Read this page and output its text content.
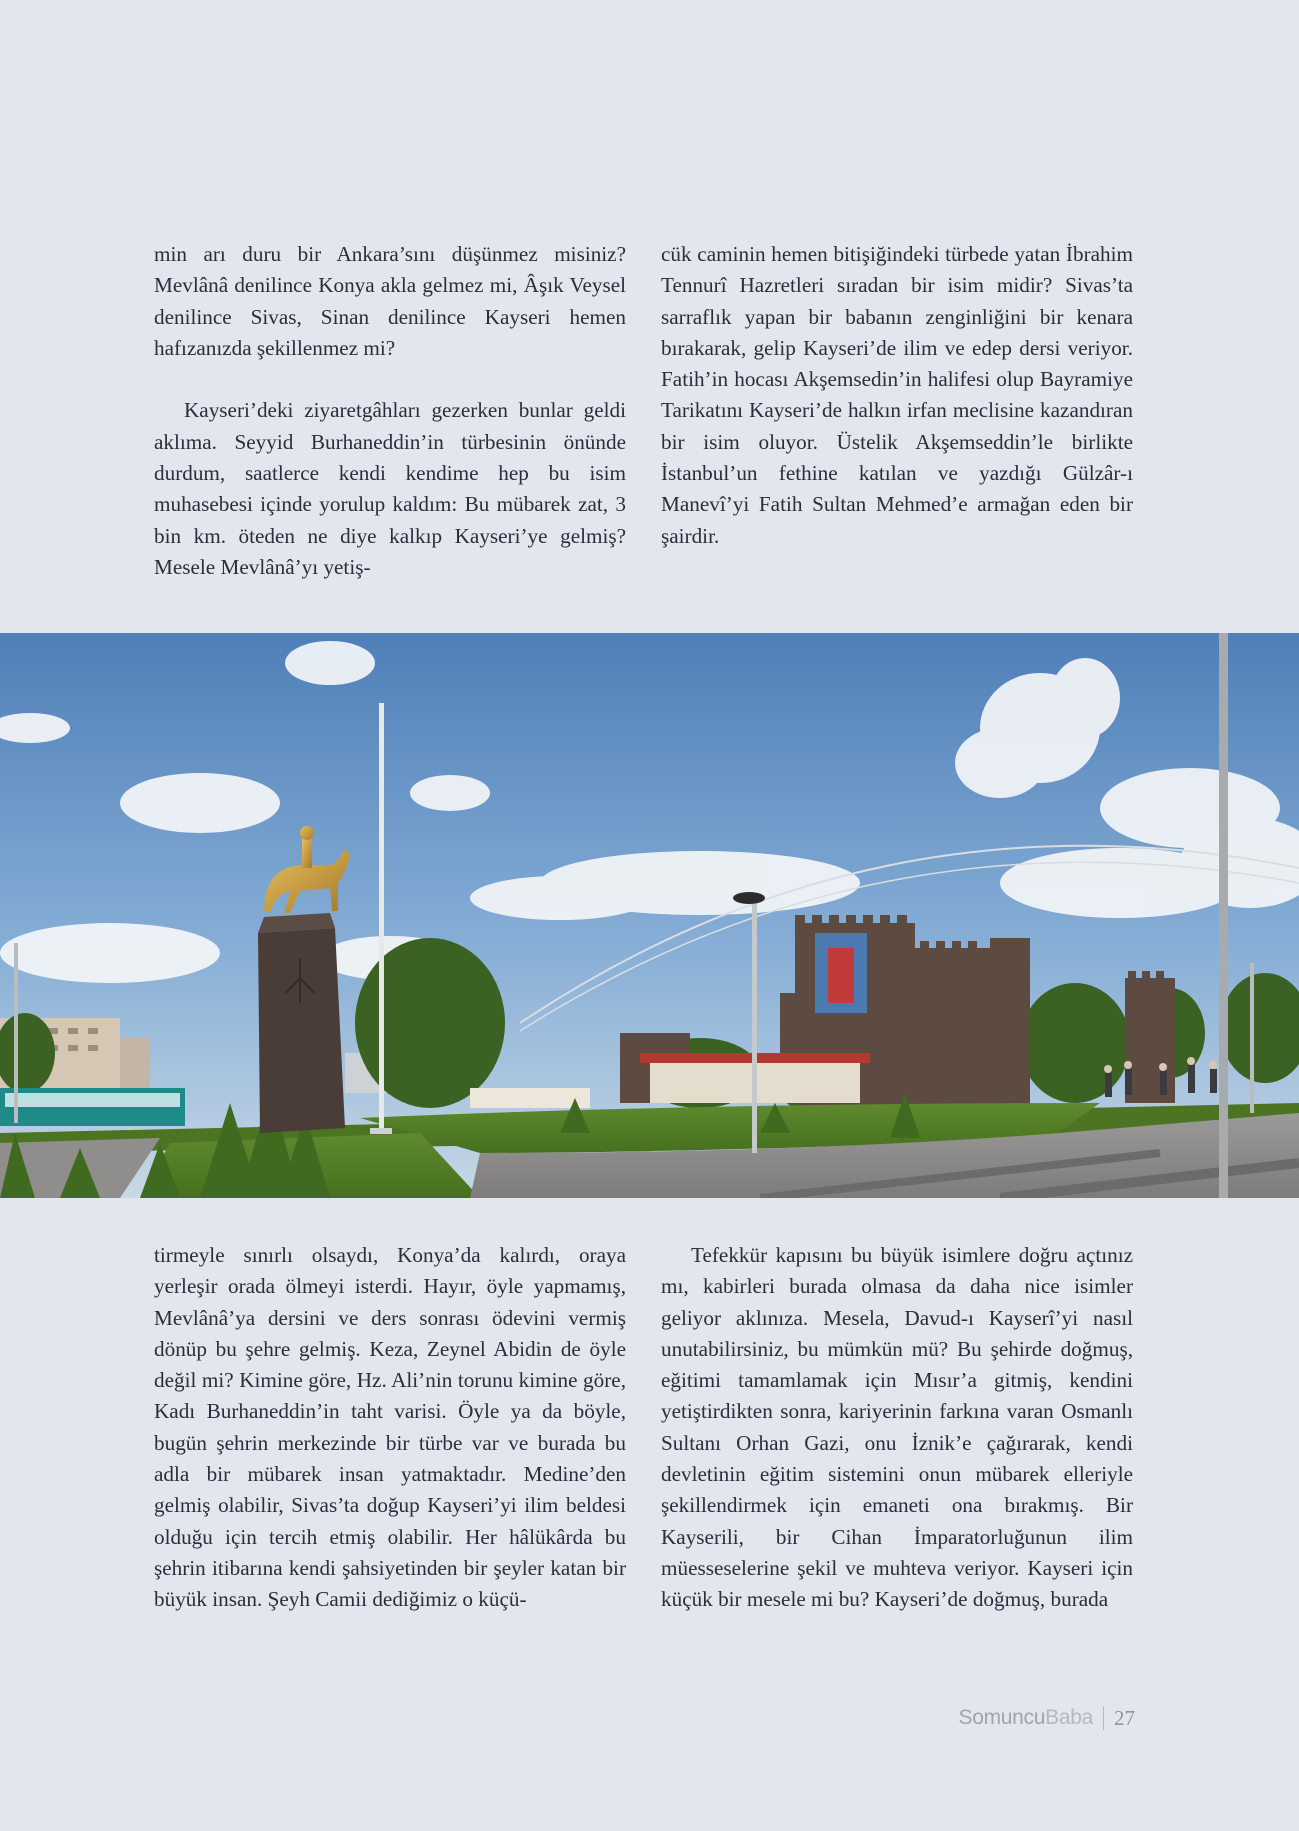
min arı duru bir Ankara’sını düşünmez misiniz? Mevlânâ denilince Konya akla gelmez mi, Âşık Veysel denilince Sivas, Sinan denilince Kayseri hemen hafızanızda şekillenmez mi?

Kayseri’deki ziyaretgâhları gezerken bunlar geldi aklıma. Seyyid Burhaneddin’in türbesinin önünde durdum, saatlerce kendi kendime hep bu isim muhasebesi içinde yorulup kaldım: Bu mübarek zat, 3 bin km. öteden ne diye kalkıp Kayseri’ye gelmiş? Mesele Mevlânâ’yı yetiş-

cük caminin hemen bitişiğindeki türbede yatan İbrahim Tennurî Hazretleri sıradan bir isim midir? Sivas’ta sarraflık yapan bir babanın zenginliğini bir kenara bırakarak, gelip Kayseri’de ilim ve edep dersi veriyor. Fatih’in hocası Akşemsedin’in halifesi olup Bayramiye Tarikatını Kayseri’de halkın irfan meclisine kazandıran bir isim oluyor. Üstelik Akşemseddin’le birlikte İstanbul’un fethine katılan ve yazdığı Gülzâr-ı Manevî’yi Fatih Sultan Mehmed’e armağan eden bir şairdir.

tirmeyle sınırlı olsaydı, Konya’da kalırdı, oraya yerleşir orada ölmeyi isterdi. Hayır, öyle yapmamış, Mevlânâ’ya dersini ve ders sonrası ödevini vermiş dönüp bu şehre gelmiş. Keza, Zeynel Abidin de öyle değil mi? Kimine göre, Hz. Ali’nin torunu kimine göre, Kadı Burhaneddin’in taht varisi. Öyle ya da böyle, bugün şehrin merkezinde bir türbe var ve burada bu adla bir mübarek insan yatmaktadır. Medine’den gelmiş olabilir, Sivas’ta doğup Kayseri’yi ilim beldesi olduğu için tercih etmiş olabilir. Her hâlükârda bu şehrin itibarına kendi şahsiyetinden bir şeyler katan bir büyük insan. Şeyh Camii dediğimiz o küçü-

Tefekkür kapısını bu büyük isimlere doğru açtınız mı, kabirleri burada olmasa da daha nice isimler geliyor aklınıza. Mesela, Davud-ı Kayserî’yi nasıl unutabilirsiniz, bu mümkün mü? Bu şehirde doğmuş, eğitimi tamamlamak için Mısır’a gitmiş, kendini yetiştirdikten sonra, kariyerinin farkına varan Osmanlı Sultanı Orhan Gazi, onu İznik’e çağırarak, kendi devletinin eğitim sistemini onun mübarek elleriyle şekillendirmek için emaneti ona bırakmış. Bir Kayserili, bir Cihan İmparatorluğunun ilim müesseselerine şekil ve muhteva veriyor. Kayseri için küçük bir mesele mi bu? Kayseri’de doğmuş, burada

SomuncuBaba 27
